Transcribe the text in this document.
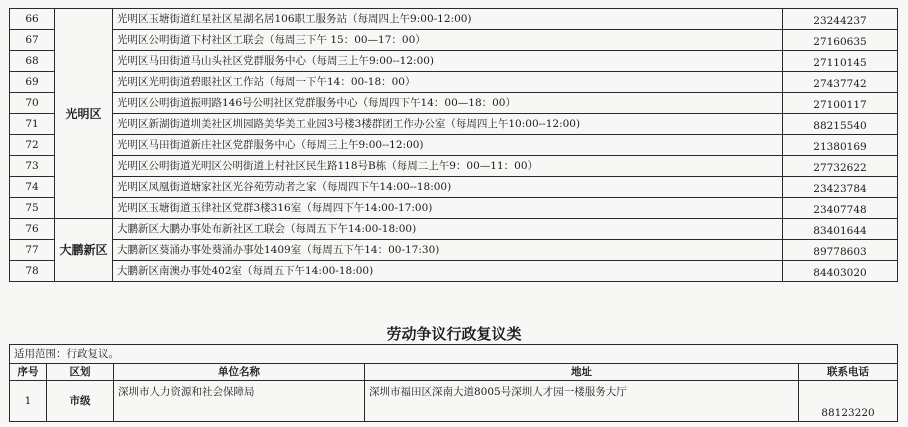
66	光明区	光明区玉塘街道红星社区星湖名居106职工服务站（每周四上午9:00-12:00)	23244237
67		光明区公明街道下村社区工联会（每周三下午 15：00—17：00）	27160635
68		光明区马田街道马山头社区党群服务中心（每周三上午9:00--12:00)	27110145
69		光明区光明街道碧眼社区工作站（每周一下午14：00-18：00）	27437742
70		光明区公明街道振明路146号公明社区党群服务中心（每周四下午14：00—18：00）	27100117
71		光明区新湖街道圳美社区圳园路美华美工业园3号楼3楼群团工作办公室（每周四上午10:00--12:00)	88215540
72		光明区马田街道新庄社区党群服务中心（每周三上午9:00--12:00)	21380169
73		光明区公明街道光明区公明街道上村社区民生路118号B栋（每周二上午9：00—11：00）	27732622
74		光明区凤凰街道塘家社区光谷苑劳动者之家（每周四下午14:00--18:00)	23423784
75		光明区玉塘街道玉律社区党群3楼316室（每周四下午14:00-17:00)	23407748
76	大鹏新区	大鹏新区大鹏办事处布新社区工联会（每周五下午14:00-18:00)	83401644
77		大鹏新区葵涌办事处葵涌办事处1409室（每周五下午14：00-17:30)	89778603
78		大鹏新区南澳办事处402室（每周五下午14:00-18:00)	84403020
劳动争议行政复议类
适用范围：行政复议。				
序号	区划	单位名称	地址	联系电话
1	市级	深圳市人力资源和社会保障局	深圳市福田区深南大道8005号深圳人才园一楼服务大厅	88123220
